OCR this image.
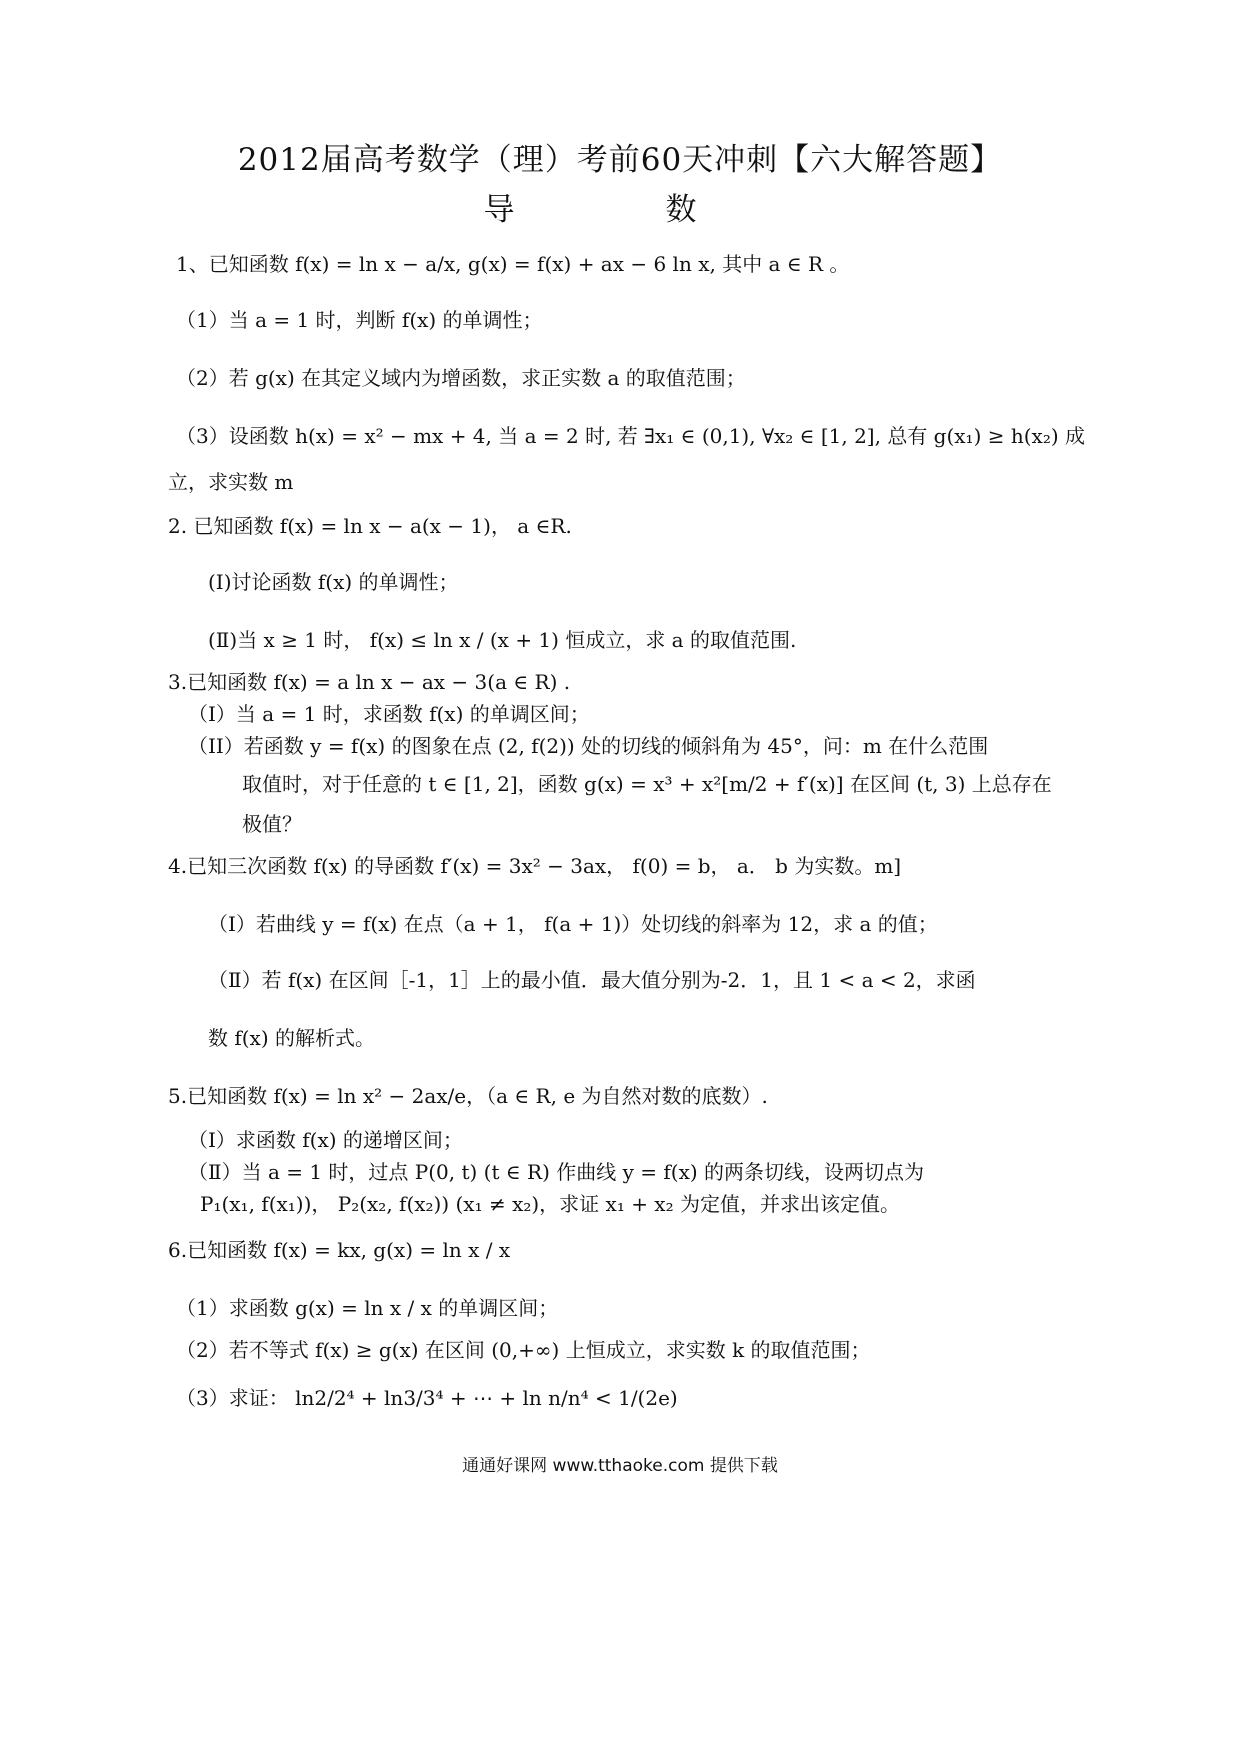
2012届高考数学（理）考前60天冲刺【六大解答题】
导　数
1、已知函数 f(x) = ln x − a/x, g(x) = f(x) + ax − 6 ln x, 其中 a ∈ R 。
（1）当 a = 1 时，判断 f(x) 的单调性；
（2）若 g(x) 在其定义域内为增函数，求正实数 a 的取值范围；
（3）设函数 h(x) = x² − mx + 4, 当 a = 2 时, 若 ∃x₁ ∈ (0,1), ∀x₂ ∈ [1, 2], 总有 g(x₁) ≥ h(x₂) 成
立，求实数 m
2. 已知函数 f(x) = ln x − a(x − 1)， a ∈R.
(Ⅰ)讨论函数 f(x) 的单调性；
(Ⅱ)当 x ≥ 1 时， f(x) ≤ ln x / (x + 1) 恒成立，求 a 的取值范围.
3.已知函数 f(x) = a ln x − ax − 3(a ∈ R) .
（I）当 a = 1 时，求函数 f(x) 的单调区间；
（II）若函数 y = f(x) 的图象在点 (2, f(2)) 处的切线的倾斜角为 45°，问：m 在什么范围
取值时，对于任意的 t ∈ [1, 2]，函数 g(x) = x³ + x²[m/2 + f′(x)] 在区间 (t, 3) 上总存在
极值？
4.已知三次函数 f(x) 的导函数 f′(x) = 3x² − 3ax， f(0) = b， a． b 为实数。m]
（Ⅰ）若曲线 y = f(x) 在点（a + 1， f(a + 1)）处切线的斜率为 12，求 a 的值；
（Ⅱ）若 f(x) 在区间［-1，1］上的最小值．最大值分别为-2．1，且 1 < a < 2，求函
数 f(x) 的解析式。
5.已知函数 f(x) = ln x² − 2ax/e，（a ∈ R, e 为自然对数的底数）.
（Ⅰ）求函数 f(x) 的递增区间；
（Ⅱ）当 a = 1 时，过点 P(0, t) (t ∈ R) 作曲线 y = f(x) 的两条切线，设两切点为
P₁(x₁, f(x₁))， P₂(x₂, f(x₂)) (x₁ ≠ x₂)，求证 x₁ + x₂ 为定值，并求出该定值。
6.已知函数 f(x) = kx, g(x) = ln x / x
（1）求函数 g(x) = ln x / x 的单调区间；
（2）若不等式 f(x) ≥ g(x) 在区间 (0,+∞) 上恒成立，求实数 k 的取值范围；
（3）求证： ln2/2⁴ + ln3/3⁴ + ⋯ + ln n/n⁴ < 1/(2e)
通通好课网 www.tthaoke.com 提供下载
